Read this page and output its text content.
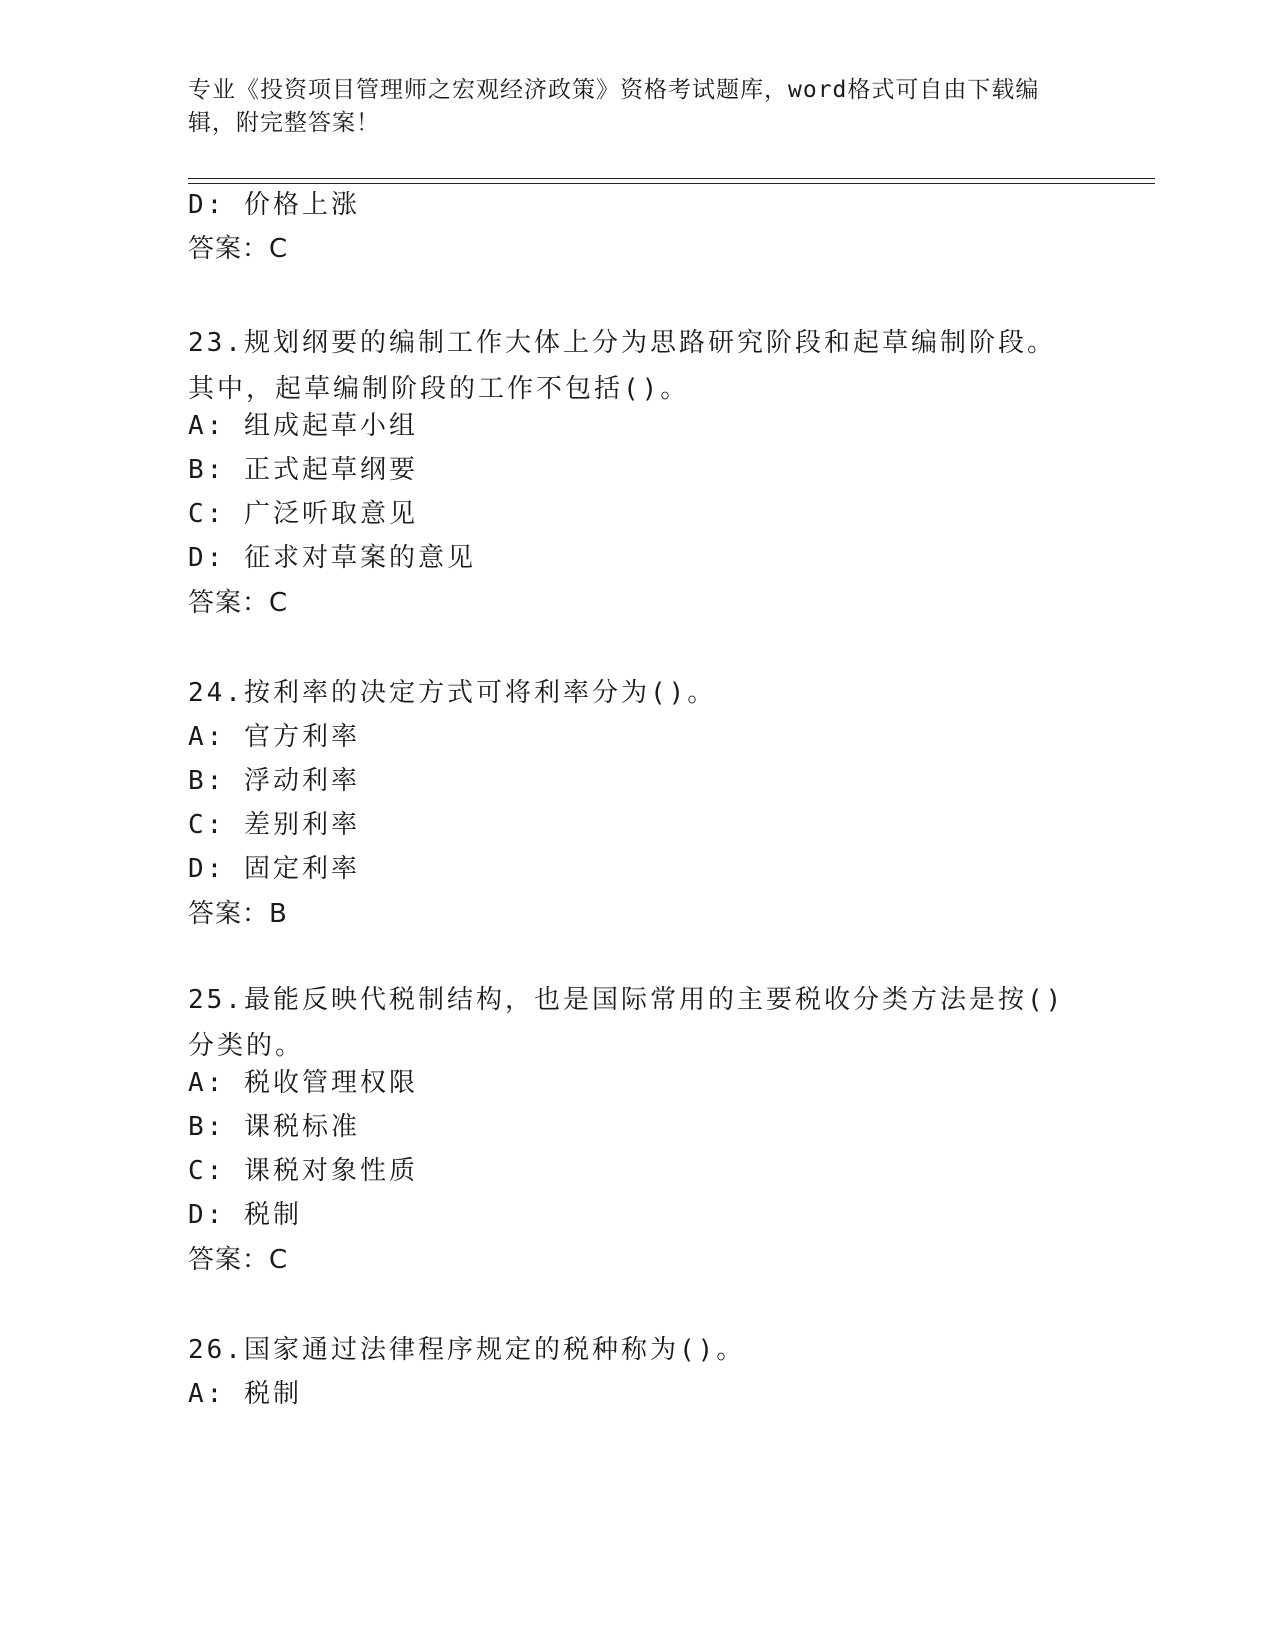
专业《投资项目管理师之宏观经济政策》资格考试题库，word格式可自由下载编辑，附完整答案！
D: 价格上涨
答案：C
23.规划纲要的编制工作大体上分为思路研究阶段和起草编制阶段。其中，起草编制阶段的工作不包括()。
A: 组成起草小组
B: 正式起草纲要
C: 广泛听取意见
D: 征求对草案的意见
答案：C
24.按利率的决定方式可将利率分为()。
A: 官方利率
B: 浮动利率
C: 差别利率
D: 固定利率
答案：B
25.最能反映代税制结构，也是国际常用的主要税收分类方法是按()分类的。
A: 税收管理权限
B: 课税标准
C: 课税对象性质
D: 税制
答案：C
26.国家通过法律程序规定的税种称为()。
A: 税制
